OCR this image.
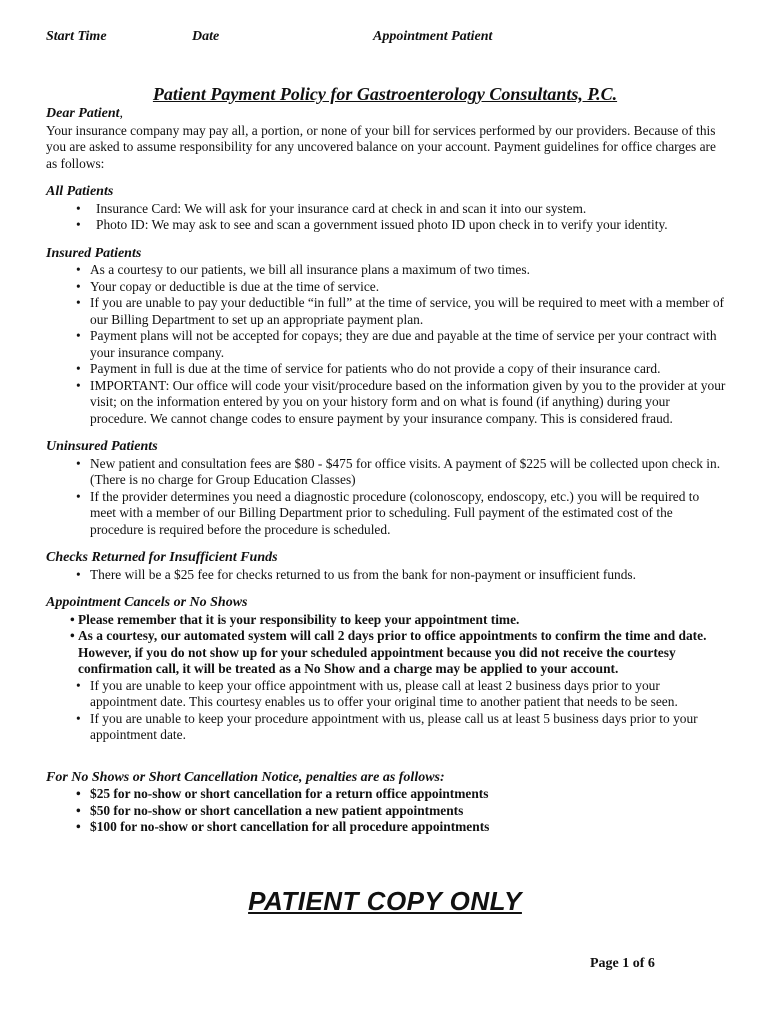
Start Time	Date	Appointment Patient
Patient Payment Policy for Gastroenterology Consultants, P.C.
Dear Patient,

Your insurance company may pay all, a portion, or none of your bill for services performed by our providers. Because of this you are asked to assume responsibility for any uncovered balance on your account. Payment guidelines for office charges are as follows:

All Patients
• Insurance Card: We will ask for your insurance card at check in and scan it into our system.
• Photo ID: We may ask to see and scan a government issued photo ID upon check in to verify your identity.
Insured Patients
• As a courtesy to our patients, we bill all insurance plans a maximum of two times.
• Your copay or deductible is due at the time of service.
• If you are unable to pay your deductible “in full” at the time of service, you will be required to meet with a member of our Billing Department to set up an appropriate payment plan.
• Payment plans will not be accepted for copays; they are due and payable at the time of service per your contract with your insurance company.
• Payment in full is due at the time of service for patients who do not provide a copy of their insurance card.
• IMPORTANT: Our office will code your visit/procedure based on the information given by you to the provider at your visit; on the information entered by you on your history form and on what is found (if anything) during your procedure. We cannot change codes to ensure payment by your insurance company. This is considered fraud.
Uninsured Patients
• New patient and consultation fees are $80 - $475 for office visits. A payment of $225 will be collected upon check in. (There is no charge for Group Education Classes)
• If the provider determines you need a diagnostic procedure (colonoscopy, endoscopy, etc.) you will be required to meet with a member of our Billing Department prior to scheduling. Full payment of the estimated cost of the procedure is required before the procedure is scheduled.
Checks Returned for Insufficient Funds
• There will be a $25 fee for checks returned to us from the bank for non-payment or insufficient funds.
Appointment Cancels or No Shows
• Please remember that it is your responsibility to keep your appointment time.
• As a courtesy, our automated system will call 2 days prior to office appointments to confirm the time and date. However, if you do not show up for your scheduled appointment because you did not receive the courtesy confirmation call, it will be treated as a No Show and a charge may be applied to your account.
• If you are unable to keep your office appointment with us, please call at least 2 business days prior to your appointment date. This courtesy enables us to offer your original time to another patient that needs to be seen.
• If you are unable to keep your procedure appointment with us, please call us at least 5 business days prior to your appointment date.
For No Shows or Short Cancellation Notice, penalties are as follows:
• $25 for no-show or short cancellation for a return office appointments
• $50 for no-show or short cancellation a new patient appointments
• $100 for no-show or short cancellation for all procedure appointments
PATIENT COPY ONLY
Page 1 of 6
